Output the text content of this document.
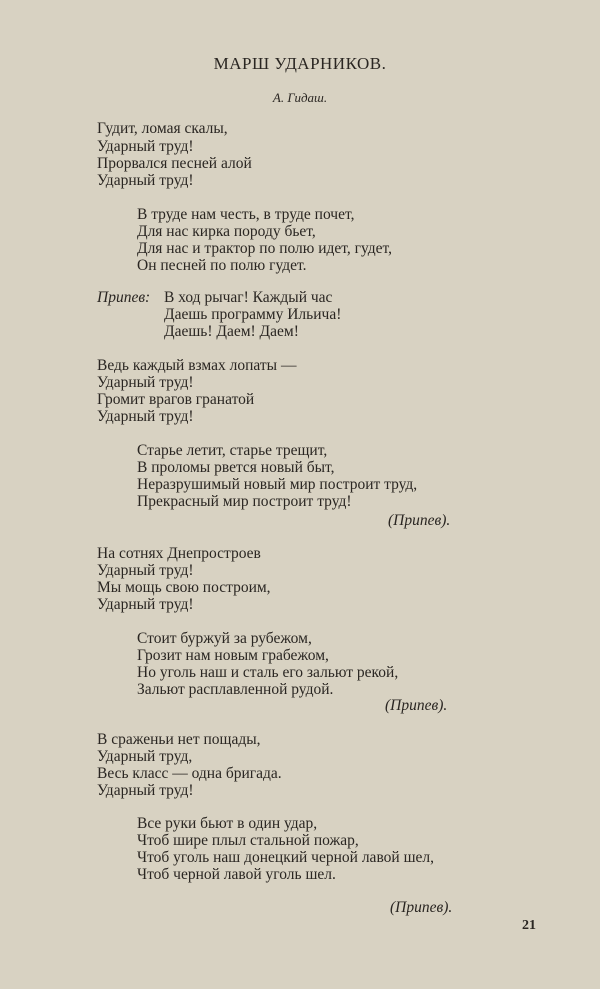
МАРШ УДАРНИКОВ.
А. Гидаш.
Гудит, ломая скалы,
Ударный труд!
Прорвался песней алой
Ударный труд!
В труде нам честь, в труде почет,
Для нас кирка породу бьет,
Для нас и трактор по полю идет, гудет,
Он песней по полю гудет.
Припев: В ход рычаг! Каждый час
Даешь программу Ильича!
Даешь! Даем! Даем!
Ведь каждый взмах лопаты —
Ударный труд!
Громит врагов гранатой
Ударный труд!
Старье летит, старье трещит,
В проломы рвется новый быт,
Неразрушимый новый мир построит труд,
Прекрасный мир построит труд!
(Припев).
На сотнях Днепростроев
Ударный труд!
Мы мощь свою построим,
Ударный труд!
Стоит буржуй за рубежом,
Грозит нам новым грабежом,
Но уголь наш и сталь его зальют рекой,
Зальют расплавленной рудой.
(Припев).
В сраженьи нет пощады,
Ударный труд,
Весь класс — одна бригада.
Ударный труд!
Все руки бьют в один удар,
Чтоб шире плыл стальной пожар,
Чтоб уголь наш донецкий черной лавой шел,
Чтоб черной лавой уголь шел.
(Припев).
21
